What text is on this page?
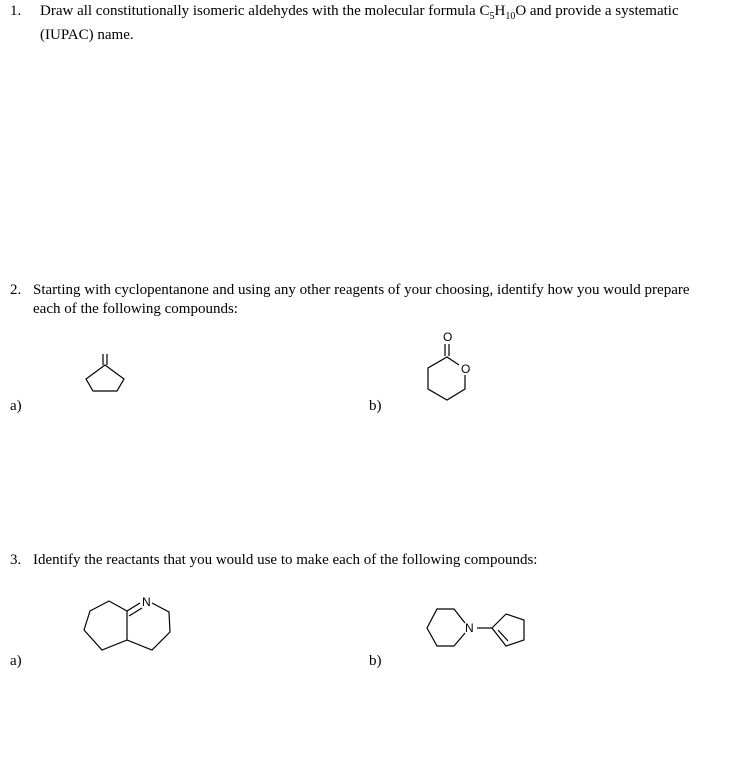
1.	Draw all constitutionally isomeric aldehydes with the molecular formula $C_5H_{10}O$ and provide a systematic (IUPAC) name.
2. Starting with cyclopentanone and using any other reagents of your choosing, identify how you would prepare each of the following compounds:
a)	b)
O
O
3. Identify the reactants that you would use to make each of the following compounds:
a)	b)
N
N
